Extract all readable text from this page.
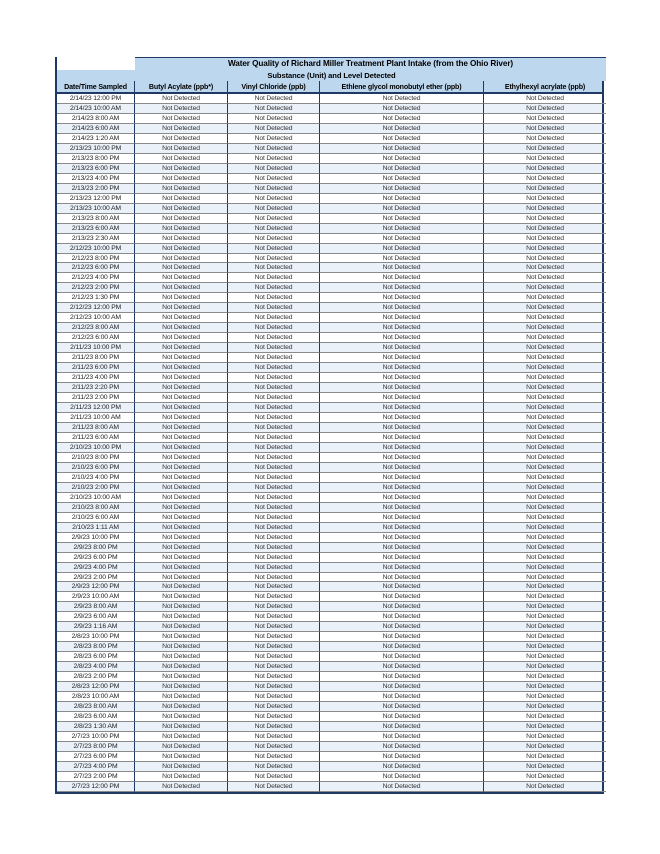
Water Quality of Richard Miller Treatment Plant Intake (from the Ohio River)
Substance (Unit) and Level Detected
Date/Time Sampled	Butyl Acylate (ppb*)	Vinyl Chloride (ppb)	Ethlene glycol monobutyl ether (ppb)	Ethylhexyl acrylate (ppb)
2/14/23 12:00 PM	Not Detected	Not Detected	Not Detected	Not Detected
2/14/23 10:00 AM	Not Detected	Not Detected	Not Detected	Not Detected
2/14/23 8:00 AM	Not Detected	Not Detected	Not Detected	Not Detected
2/14/23 6:00 AM	Not Detected	Not Detected	Not Detected	Not Detected
2/14/23 1:20 AM	Not Detected	Not Detected	Not Detected	Not Detected
2/13/23 10:00 PM	Not Detected	Not Detected	Not Detected	Not Detected
2/13/23 8:00 PM	Not Detected	Not Detected	Not Detected	Not Detected
2/13/23 6:00 PM	Not Detected	Not Detected	Not Detected	Not Detected
2/13/23 4:00 PM	Not Detected	Not Detected	Not Detected	Not Detected
2/13/23 2:00 PM	Not Detected	Not Detected	Not Detected	Not Detected
2/13/23 12:00 PM	Not Detected	Not Detected	Not Detected	Not Detected
2/13/23 10:00 AM	Not Detected	Not Detected	Not Detected	Not Detected
2/13/23 8:00 AM	Not Detected	Not Detected	Not Detected	Not Detected
2/13/23 6:00 AM	Not Detected	Not Detected	Not Detected	Not Detected
2/13/23 2:30 AM	Not Detected	Not Detected	Not Detected	Not Detected
2/12/23 10:00 PM	Not Detected	Not Detected	Not Detected	Not Detected
2/12/23 8:00 PM	Not Detected	Not Detected	Not Detected	Not Detected
2/12/23 6:00 PM	Not Detected	Not Detected	Not Detected	Not Detected
2/12/23 4:00 PM	Not Detected	Not Detected	Not Detected	Not Detected
2/12/23 2:00 PM	Not Detected	Not Detected	Not Detected	Not Detected
2/12/23 1:30 PM	Not Detected	Not Detected	Not Detected	Not Detected
2/12/23 12:00 PM	Not Detected	Not Detected	Not Detected	Not Detected
2/12/23 10:00 AM	Not Detected	Not Detected	Not Detected	Not Detected
2/12/23 8:00 AM	Not Detected	Not Detected	Not Detected	Not Detected
2/12/23 6:00 AM	Not Detected	Not Detected	Not Detected	Not Detected
2/11/23 10:00 PM	Not Detected	Not Detected	Not Detected	Not Detected
2/11/23 8:00 PM	Not Detected	Not Detected	Not Detected	Not Detected
2/11/23 6:00 PM	Not Detected	Not Detected	Not Detected	Not Detected
2/11/23 4:00 PM	Not Detected	Not Detected	Not Detected	Not Detected
2/11/23 2:20 PM	Not Detected	Not Detected	Not Detected	Not Detected
2/11/23 2:00 PM	Not Detected	Not Detected	Not Detected	Not Detected
2/11/23 12:00 PM	Not Detected	Not Detected	Not Detected	Not Detected
2/11/23 10:00 AM	Not Detected	Not Detected	Not Detected	Not Detected
2/11/23 8:00 AM	Not Detected	Not Detected	Not Detected	Not Detected
2/11/23 6:00 AM	Not Detected	Not Detected	Not Detected	Not Detected
2/10/23 10:00 PM	Not Detected	Not Detected	Not Detected	Not Detected
2/10/23 8:00 PM	Not Detected	Not Detected	Not Detected	Not Detected
2/10/23 6:00 PM	Not Detected	Not Detected	Not Detected	Not Detected
2/10/23 4:00 PM	Not Detected	Not Detected	Not Detected	Not Detected
2/10/23 2:00 PM	Not Detected	Not Detected	Not Detected	Not Detected
2/10/23 10:00 AM	Not Detected	Not Detected	Not Detected	Not Detected
2/10/23 8:00 AM	Not Detected	Not Detected	Not Detected	Not Detected
2/10/23 6:00 AM	Not Detected	Not Detected	Not Detected	Not Detected
2/10/23 1:11 AM	Not Detected	Not Detected	Not Detected	Not Detected
2/9/23 10:00 PM	Not Detected	Not Detected	Not Detected	Not Detected
2/9/23 8:00 PM	Not Detected	Not Detected	Not Detected	Not Detected
2/9/23 6:00 PM	Not Detected	Not Detected	Not Detected	Not Detected
2/9/23 4:00 PM	Not Detected	Not Detected	Not Detected	Not Detected
2/9/23 2:00 PM	Not Detected	Not Detected	Not Detected	Not Detected
2/9/23 12:00 PM	Not Detected	Not Detected	Not Detected	Not Detected
2/9/23 10:00 AM	Not Detected	Not Detected	Not Detected	Not Detected
2/9/23 8:00 AM	Not Detected	Not Detected	Not Detected	Not Detected
2/9/23 6:00 AM	Not Detected	Not Detected	Not Detected	Not Detected
2/9/23 1:16 AM	Not Detected	Not Detected	Not Detected	Not Detected
2/8/23 10:00 PM	Not Detected	Not Detected	Not Detected	Not Detected
2/8/23 8:00 PM	Not Detected	Not Detected	Not Detected	Not Detected
2/8/23 6:00 PM	Not Detected	Not Detected	Not Detected	Not Detected
2/8/23 4:00 PM	Not Detected	Not Detected	Not Detected	Not Detected
2/8/23 2:00 PM	Not Detected	Not Detected	Not Detected	Not Detected
2/8/23 12:00 PM	Not Detected	Not Detected	Not Detected	Not Detected
2/8/23 10:00 AM	Not Detected	Not Detected	Not Detected	Not Detected
2/8/23 8:00 AM	Not Detected	Not Detected	Not Detected	Not Detected
2/8/23 6:00 AM	Not Detected	Not Detected	Not Detected	Not Detected
2/8/23 1:30 AM	Not Detected	Not Detected	Not Detected	Not Detected
2/7/23 10:00 PM	Not Detected	Not Detected	Not Detected	Not Detected
2/7/23 8:00 PM	Not Detected	Not Detected	Not Detected	Not Detected
2/7/23 6:00 PM	Not Detected	Not Detected	Not Detected	Not Detected
2/7/23 4:00 PM	Not Detected	Not Detected	Not Detected	Not Detected
2/7/23 2:00 PM	Not Detected	Not Detected	Not Detected	Not Detected
2/7/23 12:00 PM	Not Detected	Not Detected	Not Detected	Not Detected
